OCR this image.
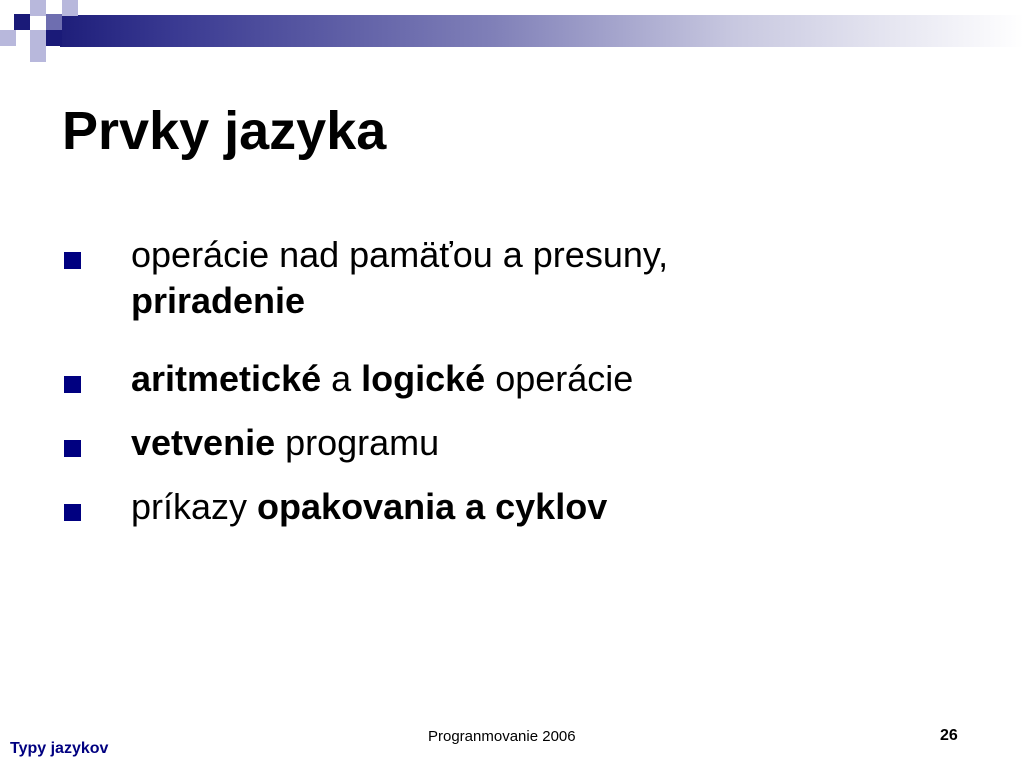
Prvky jazyka
operácie nad pamäťou a presuny,
priradenie
aritmetické a logické operácie
vetvenie programu
príkazy opakovania a cyklov
Typy jazykov
Progranmovanie 2006	26
